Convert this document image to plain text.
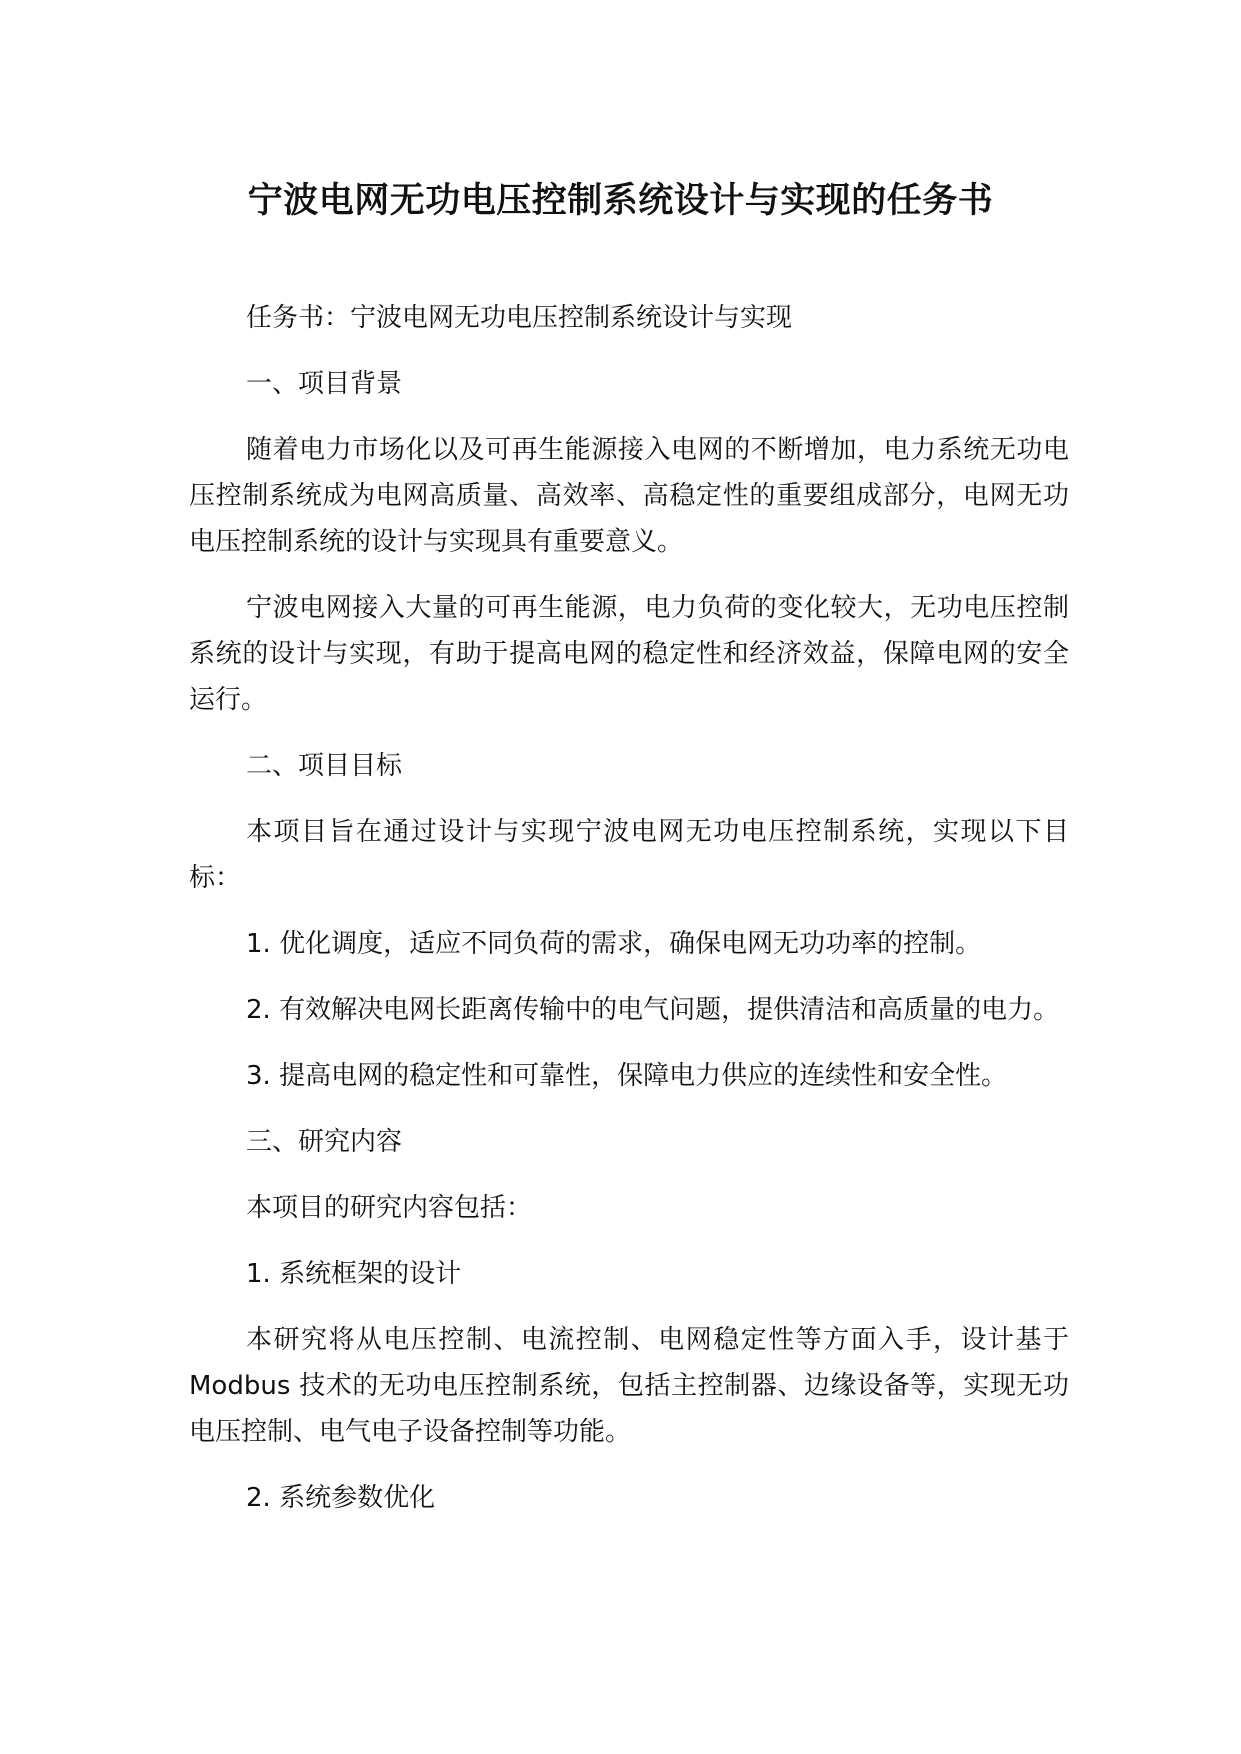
宁波电网无功电压控制系统设计与实现的任务书

任务书：宁波电网无功电压控制系统设计与实现

一、项目背景

随着电力市场化以及可再生能源接入电网的不断增加，电力系统无功电压控制系统成为电网高质量、高效率、高稳定性的重要组成部分，电网无功电压控制系统的设计与实现具有重要意义。

宁波电网接入大量的可再生能源，电力负荷的变化较大，无功电压控制系统的设计与实现，有助于提高电网的稳定性和经济效益，保障电网的安全运行。

二、项目目标

本项目旨在通过设计与实现宁波电网无功电压控制系统，实现以下目标：

1. 优化调度，适应不同负荷的需求，确保电网无功功率的控制。

2. 有效解决电网长距离传输中的电气问题，提供清洁和高质量的电力。

3. 提高电网的稳定性和可靠性，保障电力供应的连续性和安全性。

三、研究内容

本项目的研究内容包括：

1. 系统框架的设计

本研究将从电压控制、电流控制、电网稳定性等方面入手，设计基于 Modbus 技术的无功电压控制系统，包括主控制器、边缘设备等，实现无功电压控制、电气电子设备控制等功能。

2. 系统参数优化
